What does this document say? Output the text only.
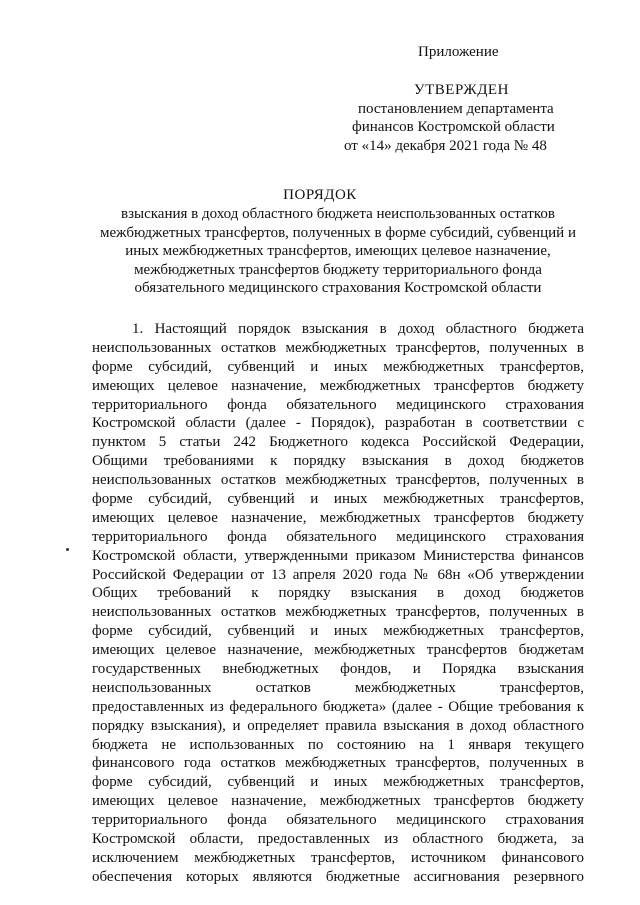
Приложение
УТВЕРЖДЕН
постановлением департамента
финансов Костромской области
от «14» декабря 2021 года № 48
ПОРЯДОК
взыскания в доход областного бюджета неиспользованных остатков
межбюджетных трансфертов, полученных в форме субсидий, субвенций и
иных межбюджетных трансфертов, имеющих целевое назначение,
межбюджетных трансфертов бюджету территориального фонда
обязательного медицинского страхования Костромской области
1. Настоящий порядок взыскания в доход областного бюджета
неиспользованных остатков межбюджетных трансфертов, полученных в
форме субсидий, субвенций и иных межбюджетных трансфертов,
имеющих целевое назначение, межбюджетных трансфертов бюджету
территориального фонда обязательного медицинского страхования
Костромской области (далее - Порядок), разработан в соответствии с
пунктом 5 статьи 242 Бюджетного кодекса Российской Федерации,
Общими требованиями к порядку взыскания в доход бюджетов
неиспользованных остатков межбюджетных трансфертов, полученных в
форме субсидий, субвенций и иных межбюджетных трансфертов,
имеющих целевое назначение, межбюджетных трансфертов бюджету
территориального фонда обязательного медицинского страхования
Костромской области, утвержденными приказом Министерства финансов
Российской Федерации от 13 апреля 2020 года № 68н «Об утверждении
Общих требований к порядку взыскания в доход бюджетов
неиспользованных остатков межбюджетных трансфертов, полученных в
форме субсидий, субвенций и иных межбюджетных трансфертов,
имеющих целевое назначение, межбюджетных трансфертов бюджетам
государственных внебюджетных фондов, и Порядка взыскания
неиспользованных остатков межбюджетных трансфертов,
предоставленных из федерального бюджета» (далее - Общие требования к
порядку взыскания), и определяет правила взыскания в доход областного
бюджета не использованных по состоянию на 1 января текущего
финансового года остатков межбюджетных трансфертов, полученных в
форме субсидий, субвенций и иных межбюджетных трансфертов,
имеющих целевое назначение, межбюджетных трансфертов бюджету
территориального фонда обязательного медицинского страхования
Костромской области, предоставленных из областного бюджета, за
исключением межбюджетных трансфертов, источником финансового
обеспечения которых являются бюджетные ассигнования резервного
